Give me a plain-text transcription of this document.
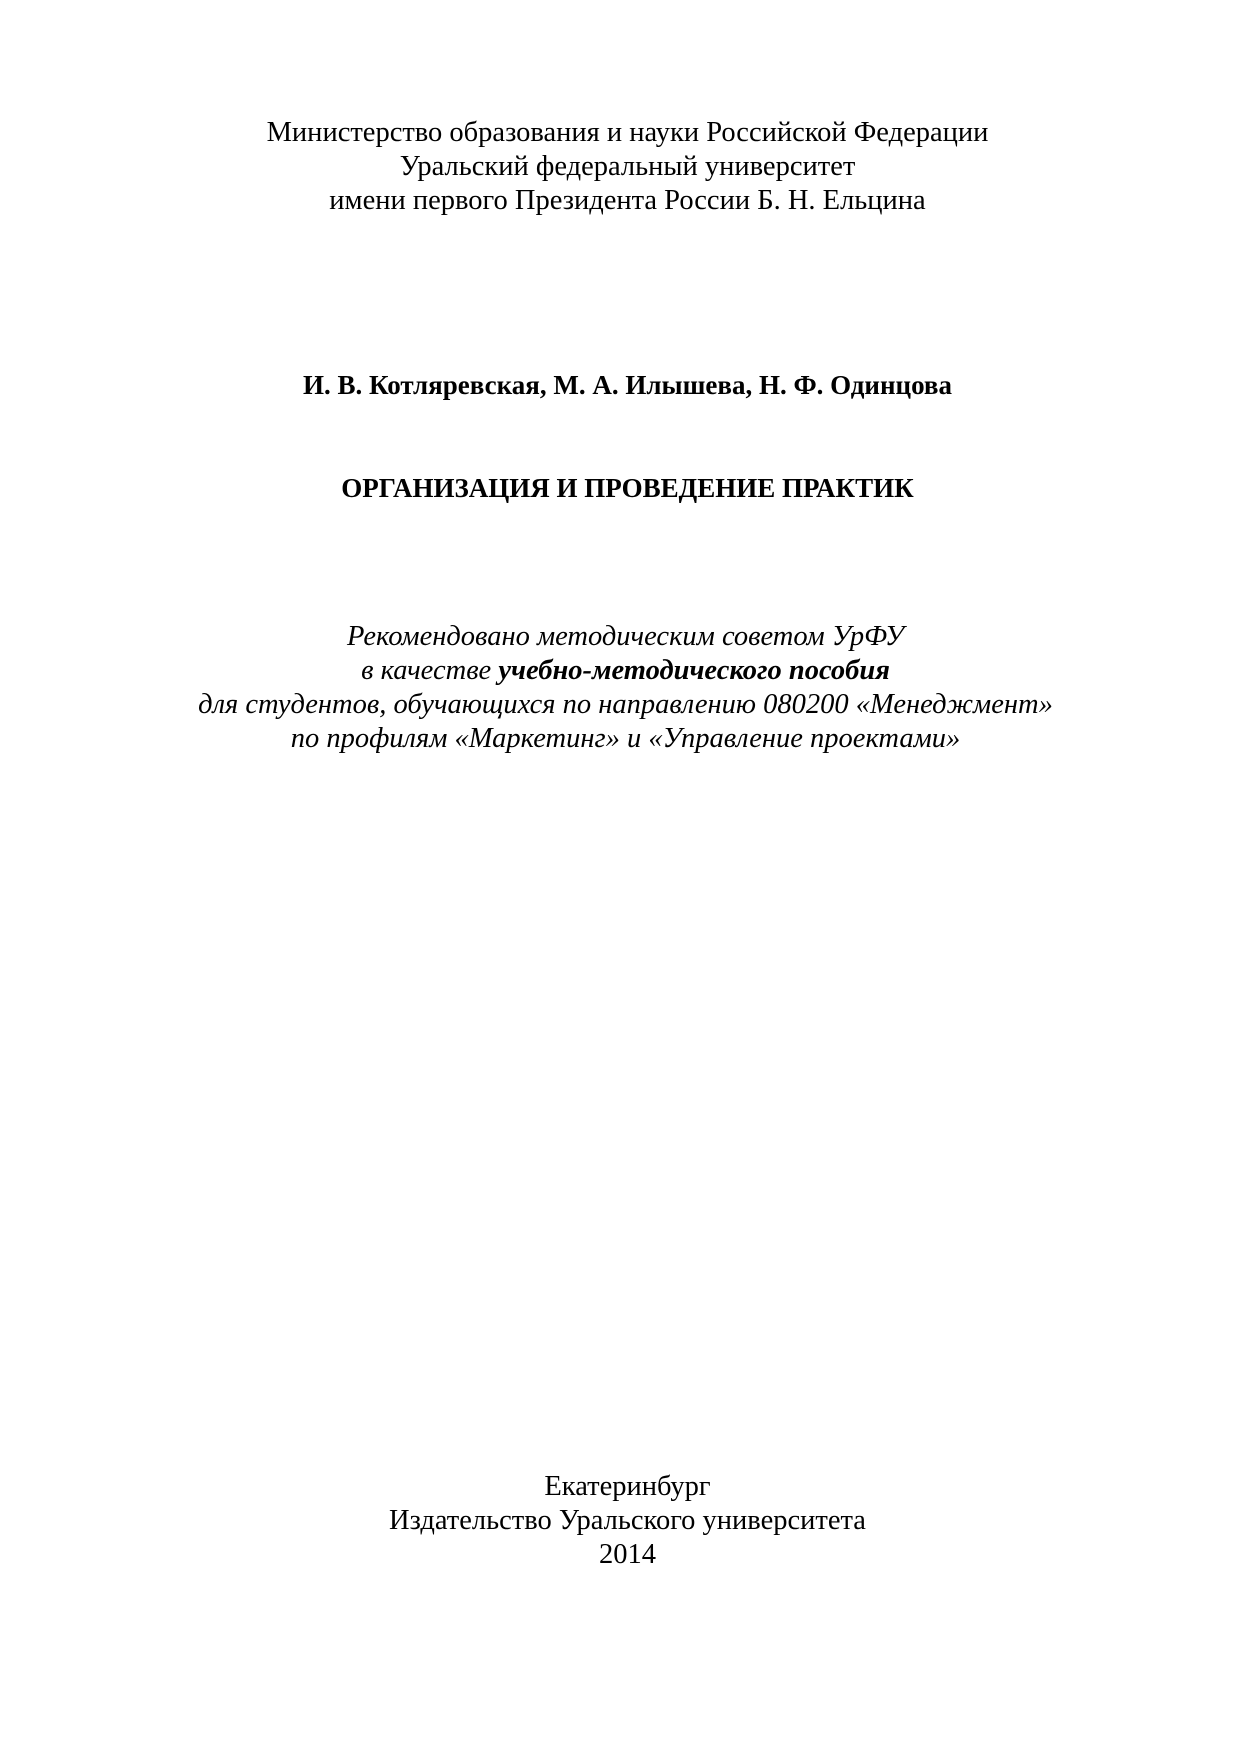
Министерство образования и науки Российской Федерации
Уральский федеральный университет
имени первого Президента России Б. Н. Ельцина
И. В. Котляревская, М. А. Илышева, Н. Ф. Одинцова
ОРГАНИЗАЦИЯ И ПРОВЕДЕНИЕ ПРАКТИК
Рекомендовано методическим советом УрФУ
в качестве учебно-методического пособия
для студентов, обучающихся по направлению 080200 «Менеджмент»
по профилям «Маркетинг» и «Управление проектами»
Екатеринбург
Издательство Уральского университета
2014
